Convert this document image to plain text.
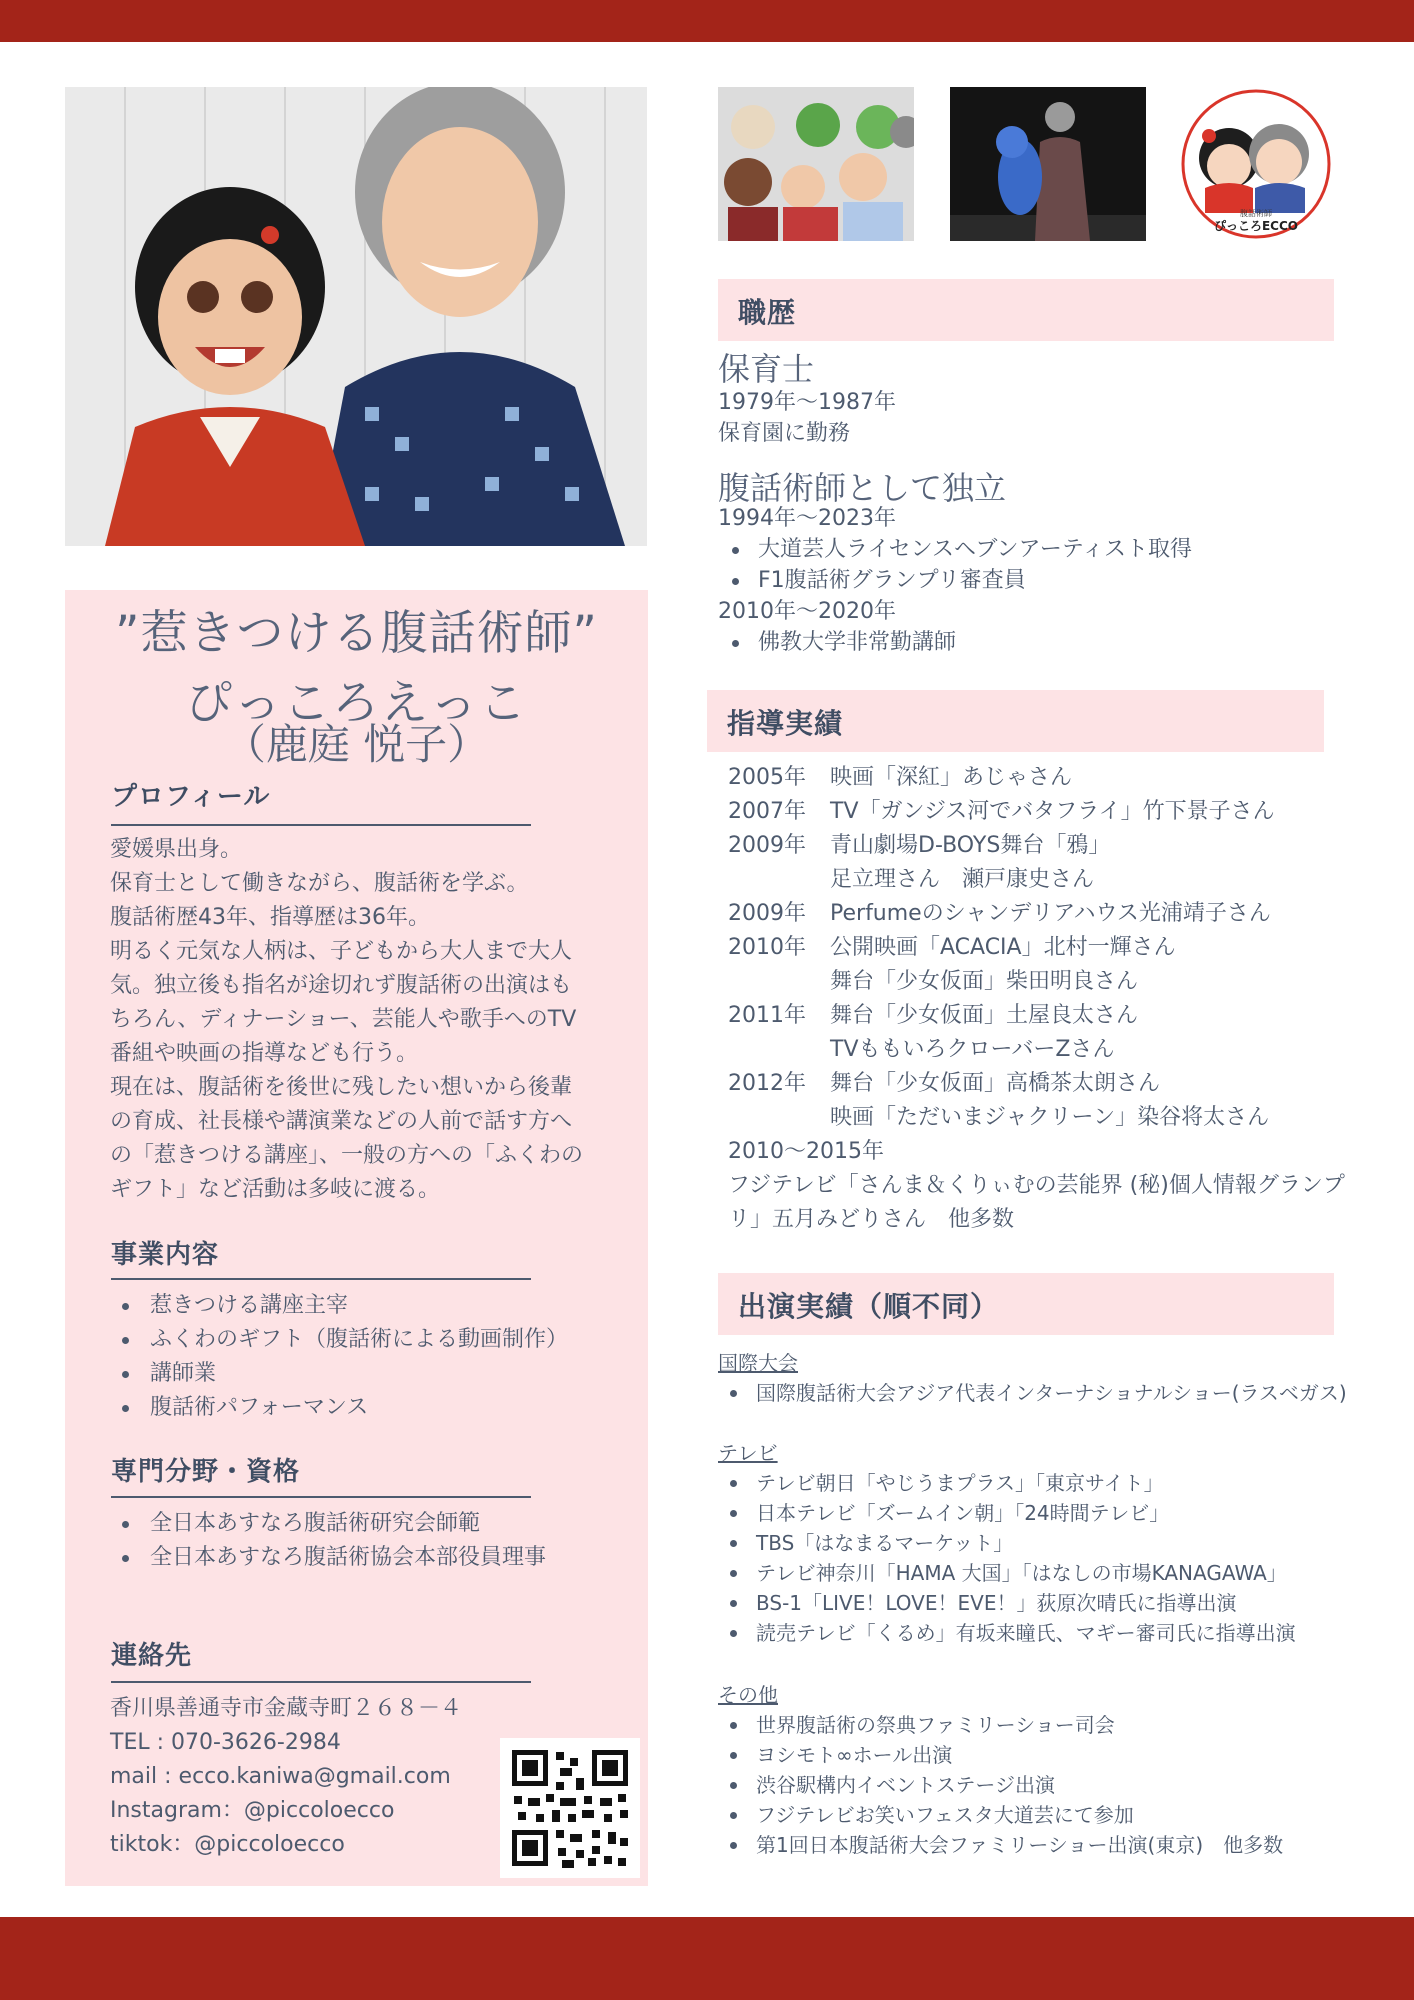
”惹きつける腹話術師”
ぴっころえっこ
（鹿庭 悦子）
プロフィール

愛媛県出身。

保育士として働きながら、腹話術を学ぶ。

腹話術歴43年、指導歴は36年。

明るく元気な人柄は、子どもから大人まで大人気。独立後も指名が途切れず腹話術の出演はもちろん、ディナーショー、芸能人や歌手へのTV番組や映画の指導なども行う。

現在は、腹話術を後世に残したい想いから後輩の育成、社長様や講演業などの人前で話す方への「惹きつける講座」、一般の方への「ふくわのギフト」など活動は多岐に渡る。

事業内容
惹きつける講座主宰
ふくわのギフト（腹話術による動画制作）
講師業
腹話術パフォーマンス
専門分野・資格
全日本あすなろ腹話術研究会師範
全日本あすなろ腹話術協会本部役員理事
連絡先

香川県善通寺市金蔵寺町２６８－４

TEL : 070-3626-2984

mail : ecco.kaniwa@gmail.com

Instagram：@piccoloecco

tiktok：@piccoloecco

腹話術師
ぴっころECCO
職歴
保育士

1979年〜1987年

保育園に勤務

腹話術師として独立

1994年〜2023年

大道芸人ライセンスヘブンアーティスト取得
F1腹話術グランプリ審査員

2010年〜2020年

佛教大学非常勤講師
指導実績
2005年	映画「深紅」あじゃさん
2007年	TV「ガンジス河でバタフライ」竹下景子さん
2009年	青山劇場D-BOYS舞台「鴉」
足立理さん　瀬戸康史さん
2009年	Perfumeのシャンデリアハウス光浦靖子さん
2010年	公開映画「ACACIA」北村一輝さん
舞台「少女仮面」柴田明良さん
2011年	舞台「少女仮面」土屋良太さん
TVももいろクローバーZさん
2012年	舞台「少女仮面」高橋茶太朗さん
映画「ただいまジャクリーン」染谷将太さん

2010〜2015年

フジテレビ「さんま＆くりぃむの芸能界 (秘)個人情報グランプリ」五月みどりさん　他多数

出演実績（順不同）

国際大会

国際腹話術大会アジア代表インターナショナルショー(ラスベガス)

テレビ

テレビ朝日「やじうまプラス」「東京サイト」
日本テレビ「ズームイン朝」「24時間テレビ」
TBS「はなまるマーケット」
テレビ神奈川「HAMA 大国」「はなしの市場KANAGAWA」
BS-1「LIVE！LOVE！EVE！」荻原次晴氏に指導出演
読売テレビ「くるめ」有坂来瞳氏、マギー審司氏に指導出演

その他

世界腹話術の祭典ファミリーショー司会
ヨシモト∞ホール出演
渋谷駅構内イベントステージ出演
フジテレビお笑いフェスタ大道芸にて参加
第1回日本腹話術大会ファミリーショー出演(東京)　他多数
